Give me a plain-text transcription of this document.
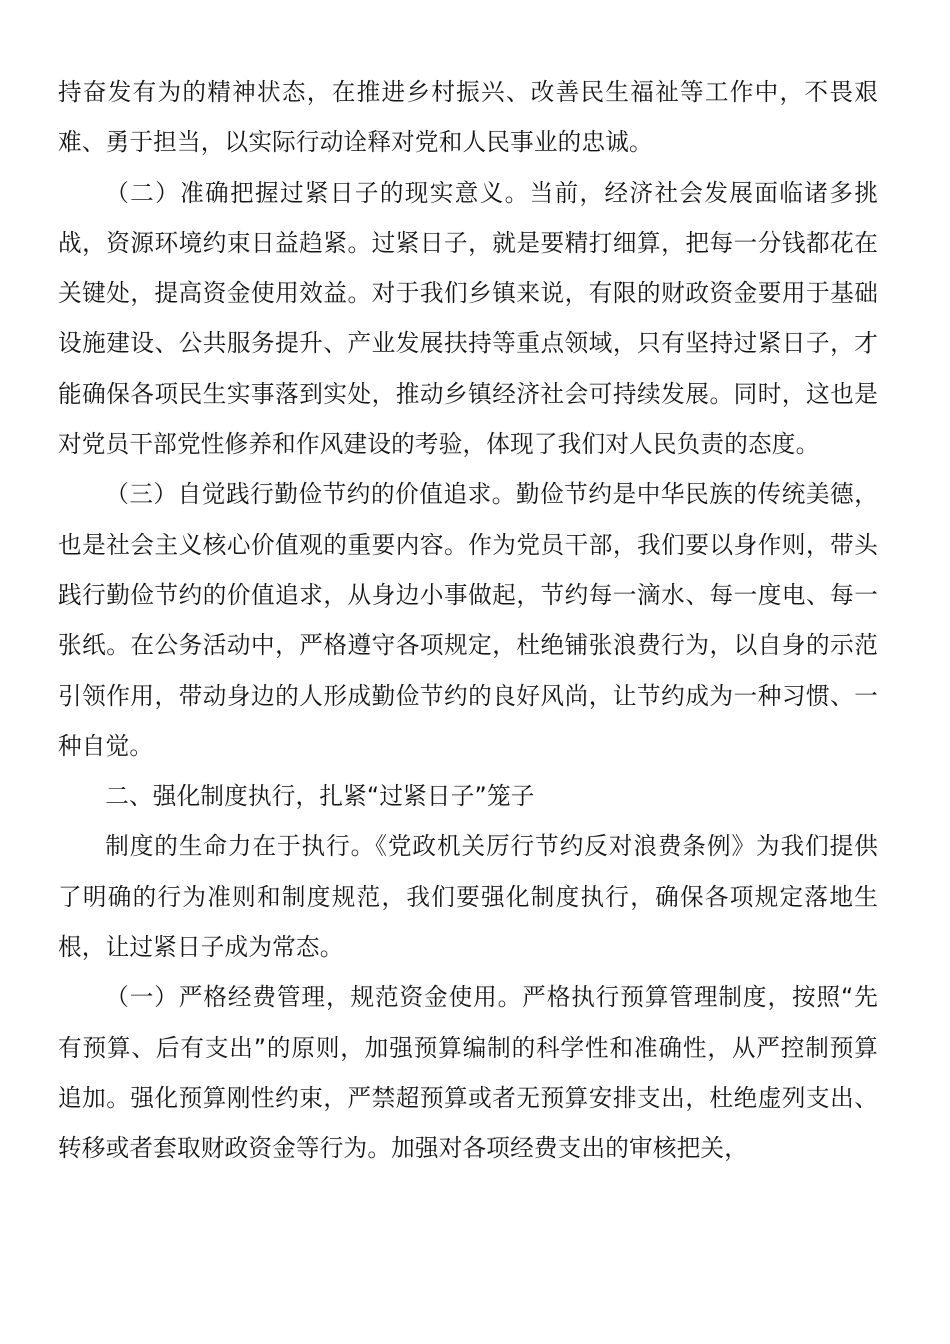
持奋发有为的精神状态，在推进乡村振兴、改善民生福祉等工作中，不畏艰难、勇于担当，以实际行动诠释对党和人民事业的忠诚。

（二）准确把握过紧日子的现实意义。当前，经济社会发展面临诸多挑战，资源环境约束日益趋紧。过紧日子，就是要精打细算，把每一分钱都花在关键处，提高资金使用效益。对于我们乡镇来说，有限的财政资金要用于基础设施建设、公共服务提升、产业发展扶持等重点领域，只有坚持过紧日子，才能确保各项民生实事落到实处，推动乡镇经济社会可持续发展。同时，这也是对党员干部党性修养和作风建设的考验，体现了我们对人民负责的态度。

（三）自觉践行勤俭节约的价值追求。勤俭节约是中华民族的传统美德，也是社会主义核心价值观的重要内容。作为党员干部，我们要以身作则，带头践行勤俭节约的价值追求，从身边小事做起，节约每一滴水、每一度电、每一张纸。在公务活动中，严格遵守各项规定，杜绝铺张浪费行为，以自身的示范引领作用，带动身边的人形成勤俭节约的良好风尚，让节约成为一种习惯、一种自觉。

二、强化制度执行，扎紧“过紧日子”笼子

制度的生命力在于执行。《党政机关厉行节约反对浪费条例》为我们提供了明确的行为准则和制度规范，我们要强化制度执行，确保各项规定落地生根，让过紧日子成为常态。

（一）严格经费管理，规范资金使用。严格执行预算管理制度，按照“先有预算、后有支出”的原则，加强预算编制的科学性和准确性，从严控制预算追加。强化预算刚性约束，严禁超预算或者无预算安排支出，杜绝虚列支出、转移或者套取财政资金等行为。加强对各项经费支出的审核把关，
